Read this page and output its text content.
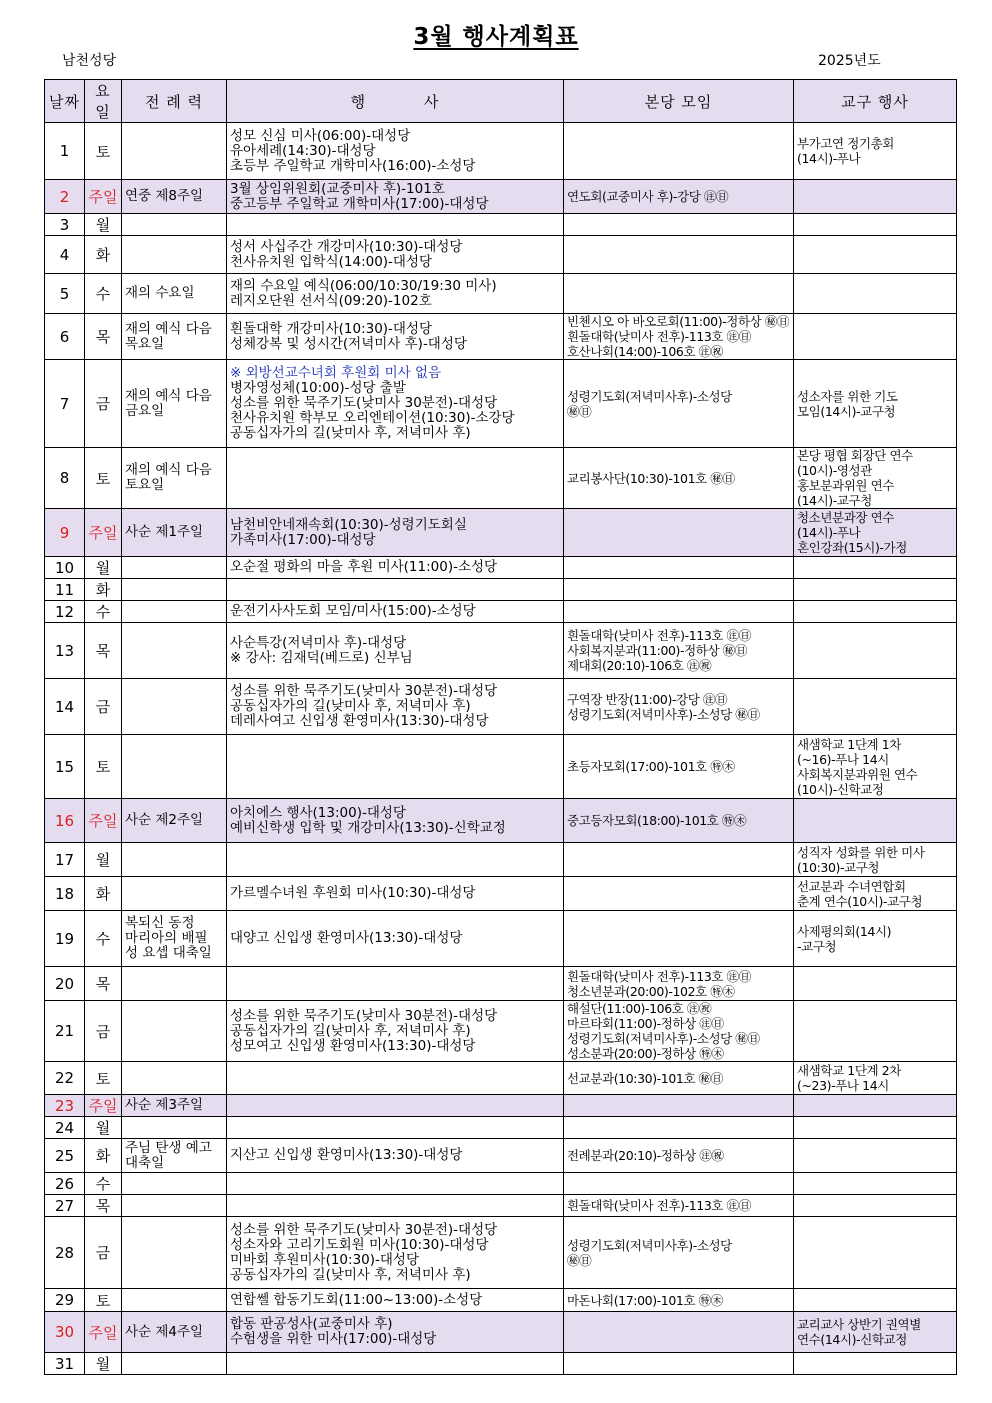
3월 행사계획표
남천성당	2025년도
날짜	요일	전 례 력	행          사	본당 모임	교구 행사
1	토		성모 신심 미사(06:00)-대성당
유아세례(14:30)-대성당
초등부 주일학교 개학미사(16:00)-소성당		부가고연 정기총회
(14시)-푸나

2	주일	연중 제8주일	3월 상임위원회(교중미사 후)-101호
중고등부 주일학교 개학미사(17:00)-대성당	연도회(교중미사 후)-강당 ㊟㊐	

3	월				
4	화		성서 사십주간 개강미사(10:30)-대성당
천사유치원 입학식(14:00)-대성당		

5	수	재의 수요일	재의 수요일 예식(06:00/10:30/19:30 미사)
레지오단원 선서식(09:20)-102호		

6	목	재의 예식 다음
목요일	흰돌대학 개강미사(10:30)-대성당
성체강복 및 성시간(저녁미사 후)-대성당	빈첸시오 아 바오로회(11:00)-정하상 ㊙㊐
흰돌대학(낮미사 전후)-113호 ㊟㊐
호산나회(14:00)-106호 ㊟㊗	

7	금	재의 예식 다음
금요일	※ 외방선교수녀회 후원회 미사 없음
병자영성체(10:00)-성당 출발
성소를 위한 묵주기도(낮미사 30분전)-대성당
천사유치원 학부모 오리엔테이션(10:30)-소강당
공동십자가의 길(낮미사 후, 저녁미사 후)	성령기도회(저녁미사후)-소성당
㊙㊐	성소자를 위한 기도
모임(14시)-교구청

8	토	재의 예식 다음
토요일		교리봉사단(10:30)-101호 ㊙㊐	본당 평협 회장단 연수
(10시)-영성관
홍보분과위원 연수
(14시)-교구청

9	주일	사순 제1주일	남천비안네재속회(10:30)-성령기도회실
가족미사(17:00)-대성당		청소년분과장 연수
(14시)-푸나
혼인강좌(15시)-가정

10	월		오순절 평화의 마을 후원 미사(11:00)-소성당		

11	화				
12	수		운전기사사도회 모임/미사(15:00)-소성당		

13	목		사순특강(저녁미사 후)-대성당
※ 강사: 김재덕(베드로) 신부님	흰돌대학(낮미사 전후)-113호 ㊟㊐
사회복지분과(11:00)-정하상 ㊙㊐
제대회(20:10)-106호 ㊟㊗	

14	금		성소를 위한 묵주기도(낮미사 30분전)-대성당
공동십자가의 길(낮미사 후, 저녁미사 후)
데레사여고 신입생 환영미사(13:30)-대성당	구역장 반장(11:00)-강당 ㊟㊐
성령기도회(저녁미사후)-소성당 ㊙㊐	

15	토			초등자모회(17:00)-101호 ㊕㊍	새샘학교 1단계 1차
(~16)-푸나 14시
사회복지분과위원 연수
(10시)-신학교정

16	주일	사순 제2주일	아치에스 행사(13:00)-대성당
예비신학생 입학 및 개강미사(13:30)-신학교정	중고등자모회(18:00)-101호 ㊕㊍	

17	월				성직자 성화를 위한 미사
(10:30)-교구청

18	화		가르멜수녀원 후원회 미사(10:30)-대성당		선교분과 수녀연합회
춘계 연수(10시)-교구청

19	수	복되신 동정
마리아의 배필
성 요셉 대축일	대양고 신입생 환영미사(13:30)-대성당		사제평의회(14시)
-교구청

20	목			흰돌대학(낮미사 전후)-113호 ㊟㊐
청소년분과(20:00)-102호 ㊕㊍	

21	금		성소를 위한 묵주기도(낮미사 30분전)-대성당
공동십자가의 길(낮미사 후, 저녁미사 후)
성모여고 신입생 환영미사(13:30)-대성당	해설단(11:00)-106호 ㊟㊗
마르타회(11:00)-정하상 ㊟㊐
성령기도회(저녁미사후)-소성당 ㊙㊐
성소분과(20:00)-정하상 ㊕㊍	

22	토			선교분과(10:30)-101호 ㊙㊐	새샘학교 1단계 2차
(~23)-푸나 14시

23	주일	사순 제3주일			

24	월				
25	화	주님 탄생 예고
대축일	지산고 신입생 환영미사(13:30)-대성당	전례분과(20:10)-정하상 ㊟㊗	

26	수				
27	목			흰돌대학(낮미사 전후)-113호 ㊟㊐	

28	금		성소를 위한 묵주기도(낮미사 30분전)-대성당
성소자와 고리기도회원 미사(10:30)-대성당
미바회 후원미사(10:30)-대성당
공동십자가의 길(낮미사 후, 저녁미사 후)	성령기도회(저녁미사후)-소성당
㊙㊐	

29	토		연합쎌 합동기도회(11:00~13:00)-소성당	마돈나회(17:00)-101호 ㊕㊍	

30	주일	사순 제4주일	합동 판공성사(교중미사 후)
수험생을 위한 미사(17:00)-대성당		교리교사 상반기 권역별
연수(14시)-신학교정

31	월				
